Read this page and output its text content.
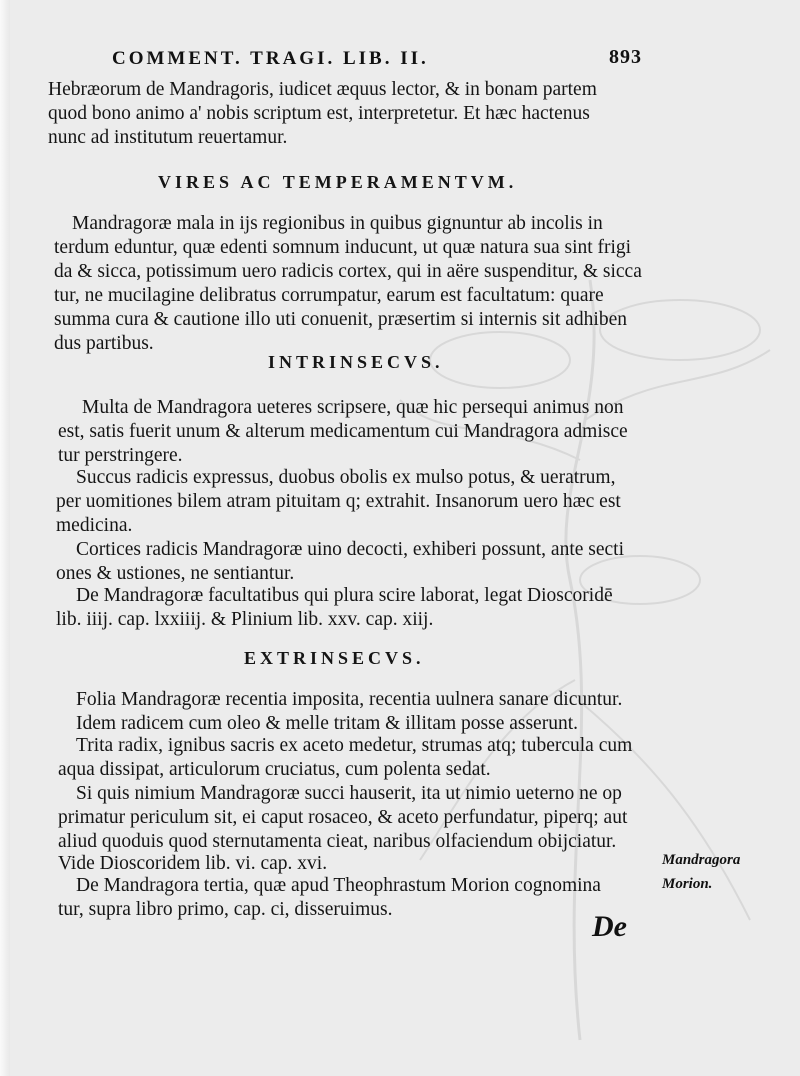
COMMENT. TRAGI. LIB. II.	893
Hebræorum de Mandragoris, iudicet æquus lector, & in bonam partem
quod bono animo a' nobis scriptum est, interpretetur. Et hæc hactenus
nunc ad institutum reuertamur.
VIRES AC TEMPERAMENTVM.
Mandragoræ mala in ijs regionibus in quibus gignuntur ab incolis in
terdum eduntur, quæ edenti somnum inducunt, ut quæ natura sua sint frigi
da & sicca, potissimum uero radicis cortex, qui in aëre suspenditur, & sicca
tur, ne mucilagine delibratus corrumpatur, earum est facultatum: quare
summa cura & cautione illo uti conuenit, præsertim si internis sit adhiben
dus partibus.
INTRINSECVS.
Multa de Mandragora ueteres scripsere, quæ hic persequi animus non
est, satis fuerit unum & alterum medicamentum cui Mandragora admisce
tur perstringere.
Succus radicis expressus, duobus obolis ex mulso potus, & ueratrum,
per uomitiones bilem atram pituitam q; extrahit. Insanorum uero hæc est
medicina.
Cortices radicis Mandragoræ uino decocti, exhiberi possunt, ante secti
ones & ustiones, ne sentiantur.
De Mandragoræ facultatibus qui plura scire laborat, legat Dioscoridē
lib. iiij. cap. lxxiiij. & Plinium lib. xxv. cap. xiij.
EXTRINSECVS.
Folia Mandragoræ recentia imposita, recentia uulnera sanare dicuntur.
Idem radicem cum oleo & melle tritam & illitam posse asserunt.
Trita radix, ignibus sacris ex aceto medetur, strumas atq; tubercula cum
aqua dissipat, articulorum cruciatus, cum polenta sedat.
Si quis nimium Mandragoræ succi hauserit, ita ut nimio ueterno ne op
primatur periculum sit, ei caput rosaceo, & aceto perfundatur, piperq; aut
aliud quoduis quod sternutamenta cieat, naribus olfaciendum obijciatur.
Vide Dioscoridem lib. vi. cap. xvi.
De Mandragora tertia, quæ apud Theophrastum Morion cognomina
tur, supra libro primo, cap. ci, disseruimus.
Mandragora
Morion.
De
